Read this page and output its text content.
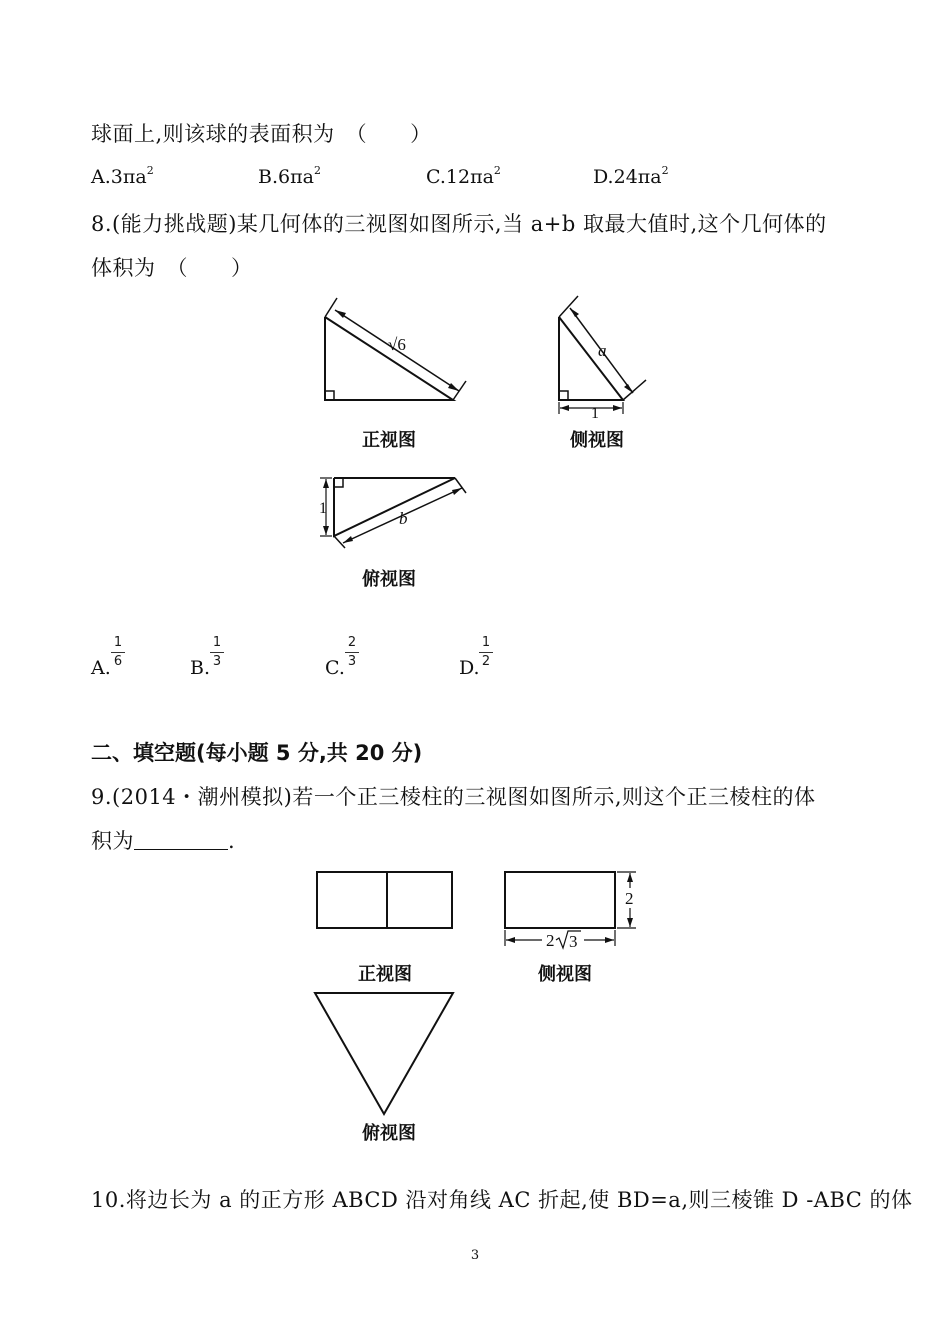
球面上,则该球的表面积为　（　　）
$A.3\pi a^2$	$B.6\pi a^2$	$C.12\pi a^2$	$D.24\pi a^2$
8.(能力挑战题)某几何体的三视图如图所示,当 a+b 取最大值时,这个几何体的
体积为　（　　）
√6	a
1
1
b
正视图	侧视图
俯视图
A.
1
6	B.
1
3	C.
2
3	D.
1
2
二、填空题(每小题 5 分,共 20 分)
9.(2014・潮州模拟)若一个正三棱柱的三视图如图所示,则这个正三棱柱的体
积为	.
2
2 3
正视图	侧视图
俯视图
10.将边长为 a 的正方形 ABCD 沿对角线 AC 折起,使 BD=a,则三棱锥 D -ABC 的体
3
